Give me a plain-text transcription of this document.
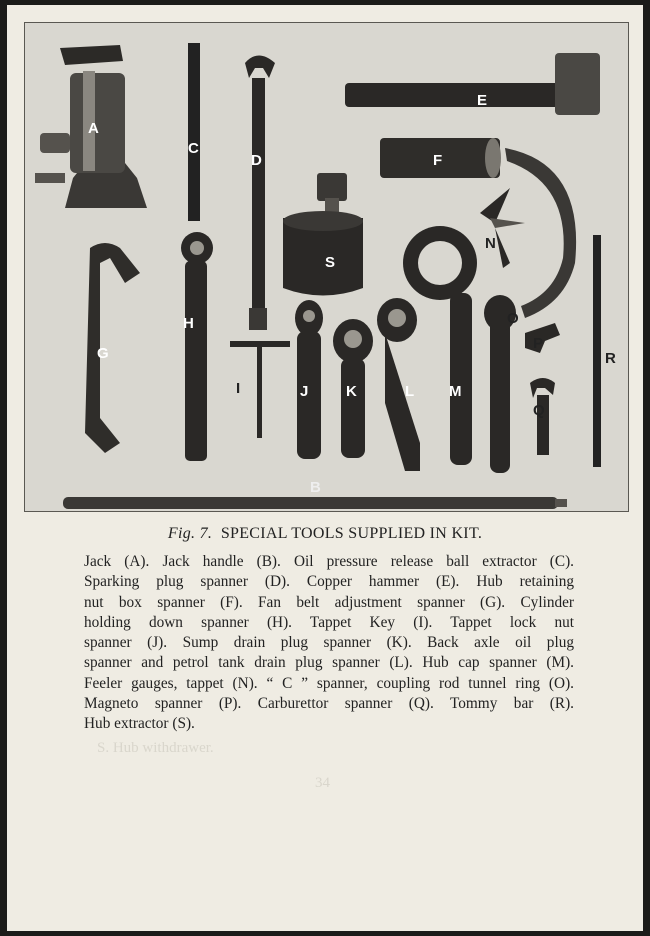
A
B
C
D
E
F
G
H
I	J	K	L M
N
O
P
Q
R
S
Fig. 7. SPECIAL TOOLS SUPPLIED IN KIT.
Jack (A). Jack handle (B). Oil pressure release ball extractor (C).
Sparking plug spanner (D). Copper hammer (E). Hub retaining
nut box spanner (F). Fan belt adjustment spanner (G). Cylinder
holding down spanner (H). Tappet Key (I). Tappet lock nut
spanner (J). Sump drain plug spanner (K). Back axle oil plug
spanner and petrol tank drain plug spanner (L). Hub cap spanner (M).
Feeler gauges, tappet (N). “ C ” spanner, coupling rod tunnel ring (O).
Magneto spanner (P). Carburettor spanner (Q). Tommy bar (R).
Hub extractor (S).
S. Hub withdrawer.
34
